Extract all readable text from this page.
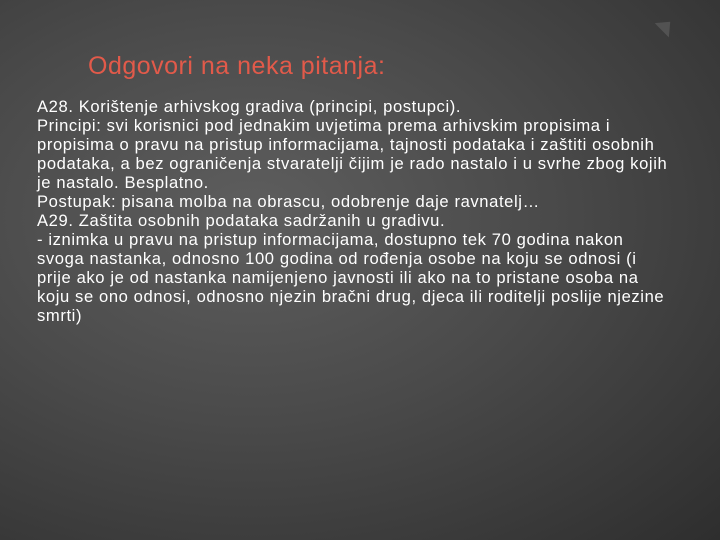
Odgovori na neka pitanja:

A28. Korištenje arhivskog gradiva (principi, postupci).

Principi: svi korisnici pod jednakim uvjetima prema arhivskim propisima i propisima o pravu na pristup informacijama, tajnosti podataka i zaštiti osobnih podataka, a bez ograničenja stvaratelji čijim je rado nastalo i u svrhe zbog kojih je nastalo. Besplatno.

Postupak: pisana molba na obrascu, odobrenje daje ravnatelj…

A29. Zaštita osobnih podataka sadržanih u gradivu.

- iznimka u pravu na pristup informacijama, dostupno tek 70 godina nakon svoga nastanka, odnosno 100 godina od rođenja osobe na koju se odnosi (i prije ako je od nastanka namijenjeno javnosti ili ako na to pristane osoba na koju se ono odnosi, odnosno njezin bračni drug, djeca ili roditelji poslije njezine smrti)
